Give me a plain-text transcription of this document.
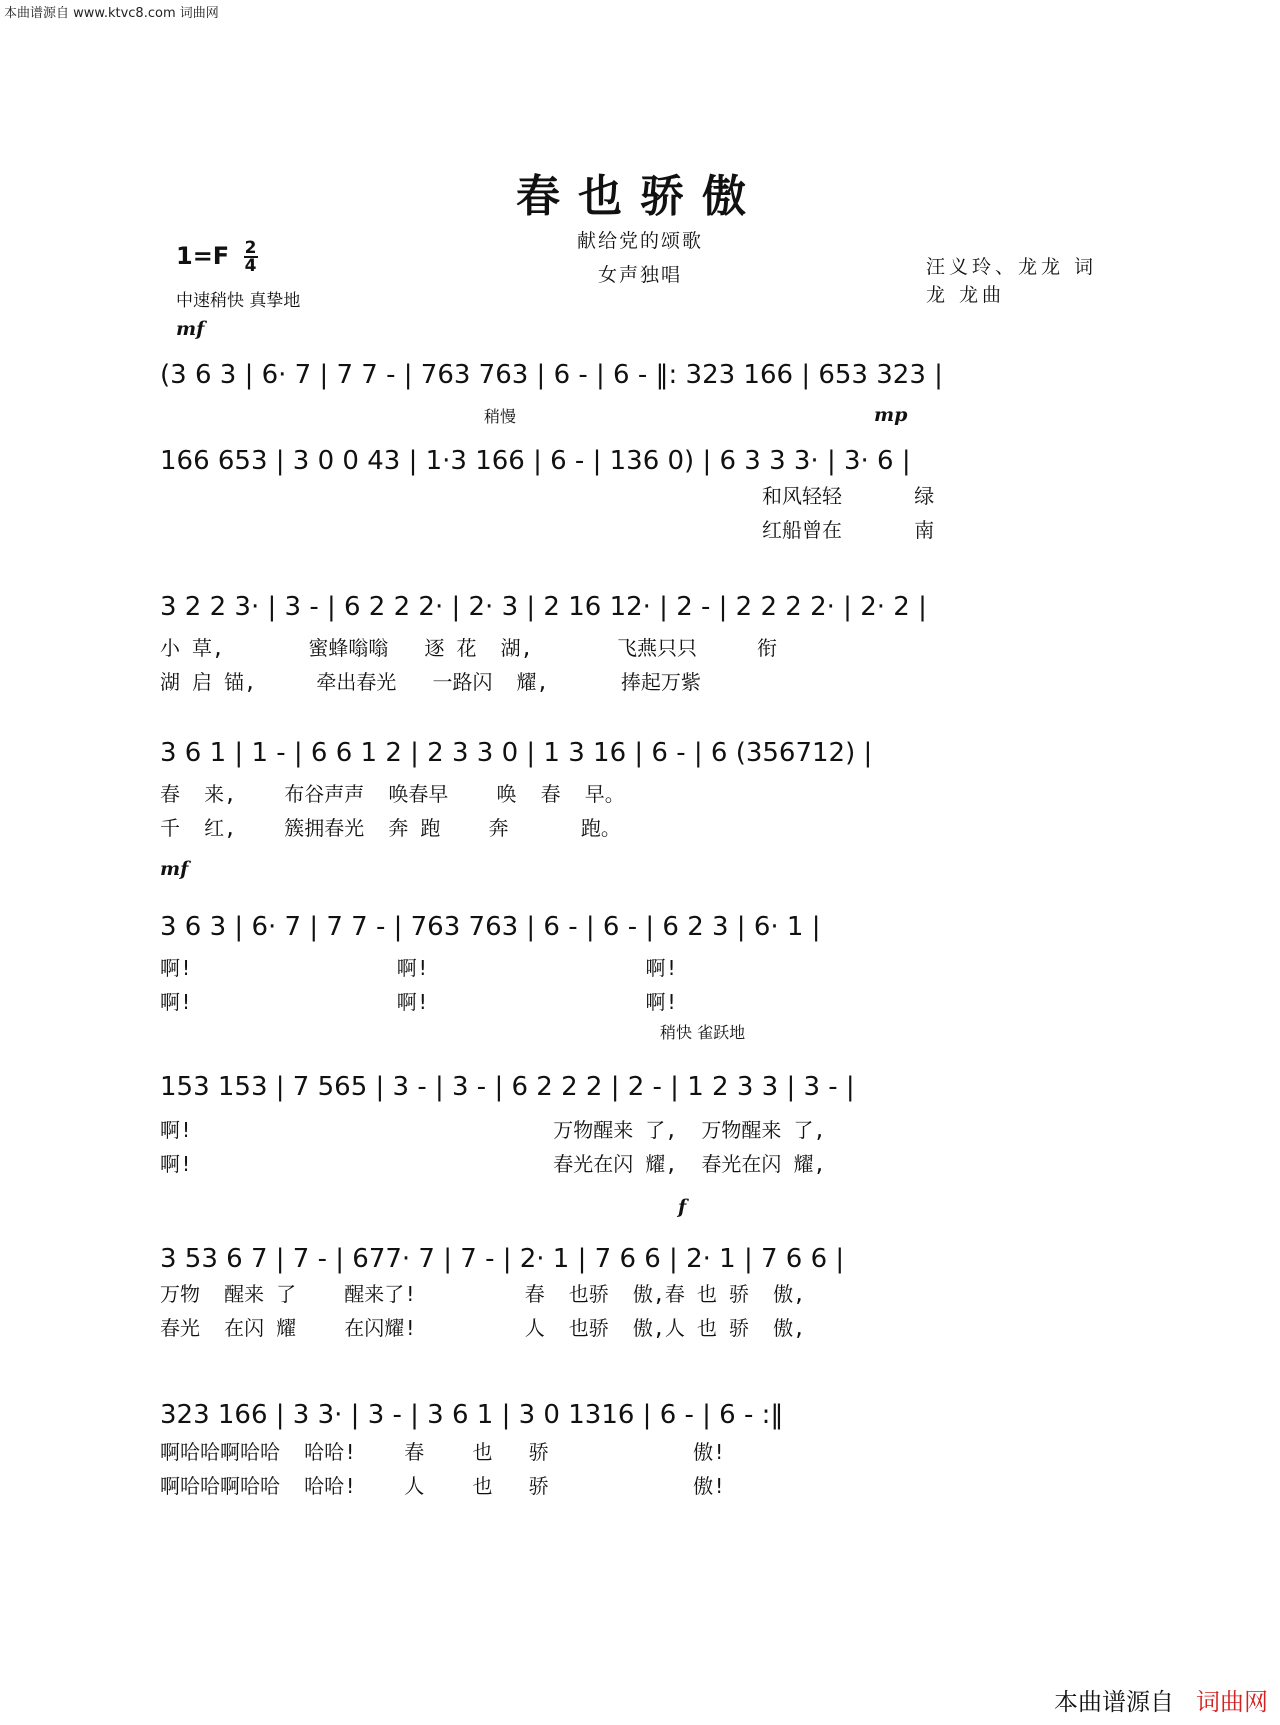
本曲谱源自 www.ktvc8.com 词曲网
春也骄傲
献给党的颂歌
女声独唱
$1=F \frac{2}{4}$
中速稍快 真挚地
汪义玲、龙龙 词
龙 龙曲
mf
稍慢	mp
mf
稍快 雀跃地
f
(3 6 3 | 6· 7 | 7 7 - | 763 763 | 6 - | 6 - ‖: 323 166 | 653 323 |
166 653 | 3 0 0 43 | 1·3 166 | 6 - | 136 0) | 6 3 3 3· | 3· 6 |
和风轻轻      绿
红船曾在      南
3 2 2 3· | 3 - | 6 2 2 2· | 2· 3 | 2 16 12· | 2 - | 2 2 2 2· | 2· 2 |
小 草,       蜜蜂嗡嗡   逐 花  湖,       飞燕只只     衔
湖 启 锚,     牵出春光   一路闪  耀,      捧起万紫
3 6 1 | 1 - | 6 6 1 2 | 2 3 3 0 | 1 3 16 | 6 - | 6 (356712) |
春  来,    布谷声声  唤春早    唤  春  早。
千  红,    簇拥春光  奔 跑    奔      跑。
3 6 3 | 6· 7 | 7 7 - | 763 763 | 6 - | 6 - | 6 2 3 | 6· 1 |
啊!                 啊!                  啊!
啊!                 啊!                  啊!
153 153 | 7 565 | 3 - | 3 - | 6 2 2 2 | 2 - | 1 2 3 3 | 3 - |
啊!                              万物醒来 了,  万物醒来 了,
啊!                              春光在闪 耀,  春光在闪 耀,
3 53 6 7 | 7 - | 677· 7 | 7 - | 2· 1 | 7 6 6 | 2· 1 | 7 6 6 |
万物  醒来 了    醒来了!         春  也骄  傲,春 也 骄  傲,
春光  在闪 耀    在闪耀!         人  也骄  傲,人 也 骄  傲,
323 166 | 3 3· | 3 - | 3 6 1 | 3 0 1316 | 6 - | 6 - :‖
啊哈哈啊哈哈  哈哈!    春    也   骄            傲!
啊哈哈啊哈哈  哈哈!    人    也   骄            傲!
本曲谱源自 词曲网
